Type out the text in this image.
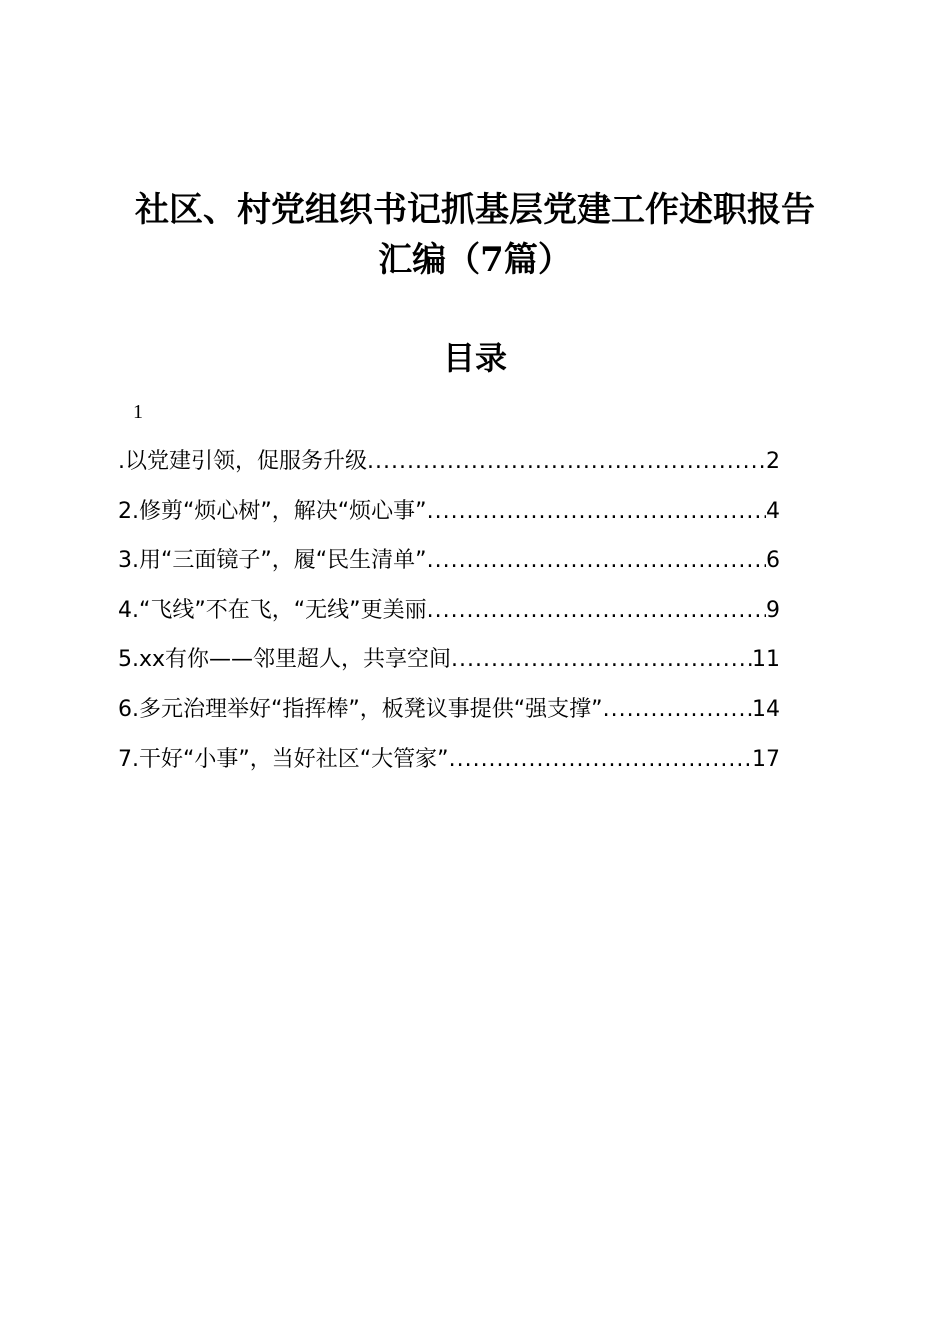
社区、村党组织书记抓基层党建工作述职报告
汇编（7篇）
目录
1
.以党建引领，促服务升级 .....	2
2.修剪“烦心树”，解决“烦心事” .....	4
3.用“三面镜子”，履“民生清单” .....	6
4.“飞线”不在飞，“无线”更美丽 .....	9
5.xx有你——邻里超人，共享空间 .....	11
6.多元治理举好“指挥棒”，板凳议事提供“强支撑” .....	14
7.干好“小事”，当好社区“大管家” .....	17
